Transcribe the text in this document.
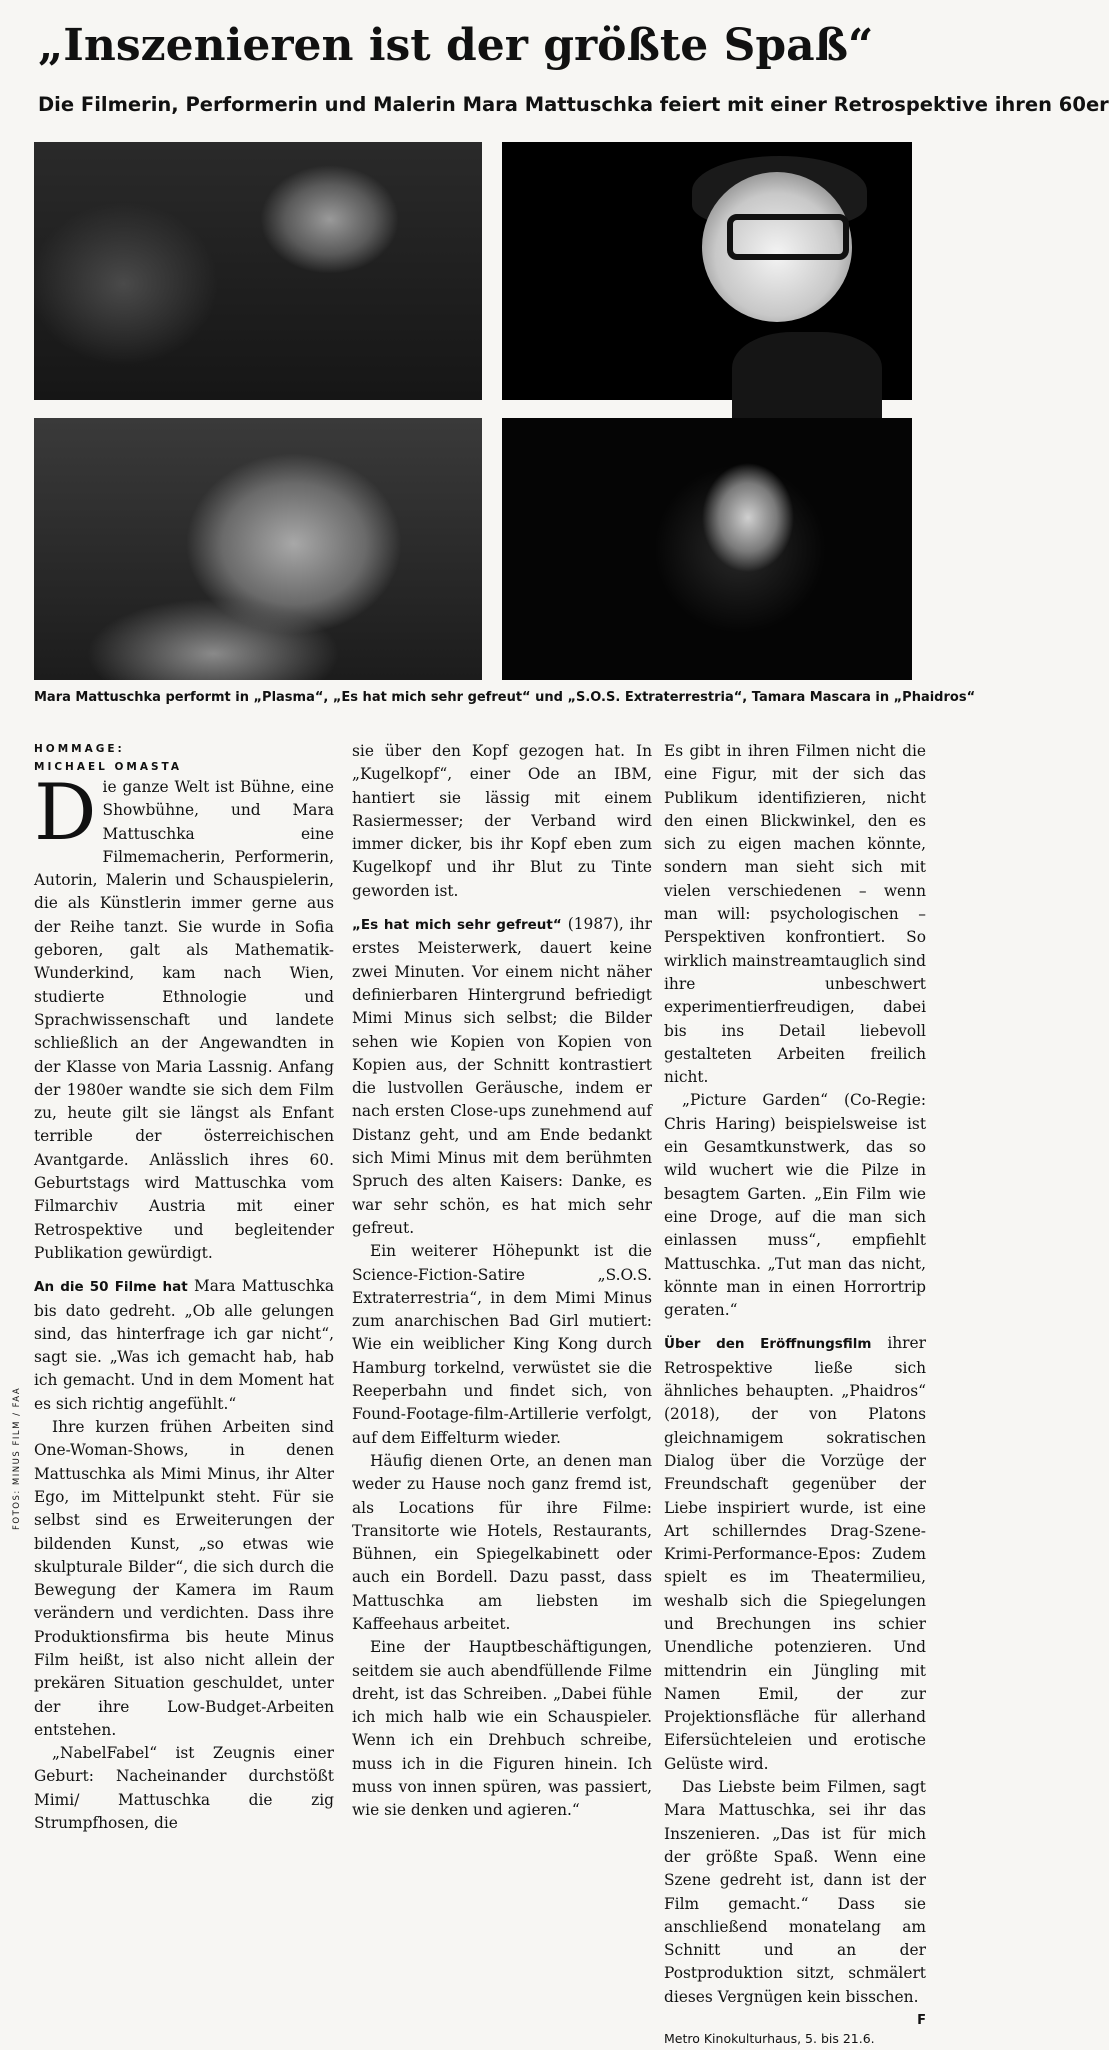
„Inszenieren ist der größte Spaß“
Die Filmerin, Performerin und Malerin Mara Mattuschka feiert mit einer Retrospektive ihren 60er

Mara Mattuschka performt in „Plasma“, „Es hat mich sehr gefreut“ und „S.O.S. Extraterrestria“, Tamara Mascara in „Phaidros“

FOTOS: MINUS FILM / FAA

HOMMAGE:

MICHAEL OMASTA

Die ganze Welt ist Bühne, eine Showbühne, und Mara Mattuschka eine Filmemacherin, Performerin, Autorin, Malerin und Schauspielerin, die als Künstlerin immer gerne aus der Reihe tanzt. Sie wurde in Sofia geboren, galt als Mathematik-Wunderkind, kam nach Wien, studierte Ethnologie und Sprachwissenschaft und landete schließlich an der Angewandten in der Klasse von Maria Lassnig. Anfang der 1980er wandte sie sich dem Film zu, heute gilt sie längst als Enfant terrible der österreichischen Avantgarde. Anlässlich ihres 60. Geburtstags wird Mattuschka vom Filmarchiv Austria mit einer Retrospektive und begleitender Publikation gewürdigt.

An die 50 Filme hat Mara Mattuschka bis dato gedreht. „Ob alle gelungen sind, das hinterfrage ich gar nicht“, sagt sie. „Was ich gemacht hab, hab ich gemacht. Und in dem Moment hat es sich richtig angefühlt.“

Ihre kurzen frühen Arbeiten sind One-Woman-Shows, in denen Mattuschka als Mimi Minus, ihr Alter Ego, im Mittelpunkt steht. Für sie selbst sind es Erweiterungen der bildenden Kunst, „so etwas wie skulpturale Bilder“, die sich durch die Bewegung der Kamera im Raum verändern und verdichten. Dass ihre Produktionsfirma bis heute Minus Film heißt, ist also nicht allein der prekären Situation geschuldet, unter der ihre Low-Budget-Arbeiten entstehen.

„NabelFabel“ ist Zeugnis einer Geburt: Nacheinander durchstößt Mimi/ Mattuschka die zig Strumpfhosen, die

sie über den Kopf gezogen hat. In „Kugelkopf“, einer Ode an IBM, hantiert sie lässig mit einem Rasiermesser; der Verband wird immer dicker, bis ihr Kopf eben zum Kugelkopf und ihr Blut zu Tinte geworden ist.

„Es hat mich sehr gefreut“ (1987), ihr erstes Meisterwerk, dauert keine zwei Minuten. Vor einem nicht näher definierbaren Hintergrund befriedigt Mimi Minus sich selbst; die Bilder sehen wie Kopien von Kopien von Kopien aus, der Schnitt kontrastiert die lustvollen Geräusche, indem er nach ersten Close-ups zunehmend auf Distanz geht, und am Ende bedankt sich Mimi Minus mit dem berühmten Spruch des alten Kaisers: Danke, es war sehr schön, es hat mich sehr gefreut.

Ein weiterer Höhepunkt ist die Science-Fiction-Satire „S.O.S. Extraterrestria“, in dem Mimi Minus zum anarchischen Bad Girl mutiert: Wie ein weiblicher King Kong durch Hamburg torkelnd, verwüstet sie die Reeperbahn und findet sich, von Found-Footage-film-Artillerie verfolgt, auf dem Eiffelturm wieder.

Häufig dienen Orte, an denen man weder zu Hause noch ganz fremd ist, als Locations für ihre Filme: Transitorte wie Hotels, Restaurants, Bühnen, ein Spiegelkabinett oder auch ein Bordell. Dazu passt, dass Mattuschka am liebsten im Kaffeehaus arbeitet.

Eine der Hauptbeschäftigungen, seitdem sie auch abendfüllende Filme dreht, ist das Schreiben. „Dabei fühle ich mich halb wie ein Schauspieler. Wenn ich ein Drehbuch schreibe, muss ich in die Figuren hinein. Ich muss von innen spüren, was passiert, wie sie denken und agieren.“

Es gibt in ihren Filmen nicht die eine Figur, mit der sich das Publikum identifizieren, nicht den einen Blickwinkel, den es sich zu eigen machen könnte, sondern man sieht sich mit vielen verschiedenen – wenn man will: psychologischen – Perspektiven konfrontiert. So wirklich mainstreamtauglich sind ihre unbeschwert experimentierfreudigen, dabei bis ins Detail liebevoll gestalteten Arbeiten freilich nicht.

„Picture Garden“ (Co-Regie: Chris Haring) beispielsweise ist ein Gesamtkunstwerk, das so wild wuchert wie die Pilze in besagtem Garten. „Ein Film wie eine Droge, auf die man sich einlassen muss“, empfiehlt Mattuschka. „Tut man das nicht, könnte man in einen Horrortrip geraten.“

Über den Eröffnungsfilm ihrer Retrospektive ließe sich ähnliches behaupten. „Phaidros“ (2018), der von Platons gleichnamigem sokratischen Dialog über die Vorzüge der Freundschaft gegenüber der Liebe inspiriert wurde, ist eine Art schillerndes Drag-Szene-Krimi-Performance-Epos: Zudem spielt es im Theatermilieu, weshalb sich die Spiegelungen und Brechungen ins schier Unendliche potenzieren. Und mittendrin ein Jüngling mit Namen Emil, der zur Projektionsfläche für allerhand Eifersüchteleien und erotische Gelüste wird.

Das Liebste beim Filmen, sagt Mara Mattuschka, sei ihr das Inszenieren. „Das ist für mich der größte Spaß. Wenn eine Szene gedreht ist, dann ist der Film gemacht.“ Dass sie anschließend monatelang am Schnitt und an der Postproduktion sitzt, schmälert dieses Vergnügen kein bisschen.
F

Metro Kinokulturhaus, 5. bis 21.6.
